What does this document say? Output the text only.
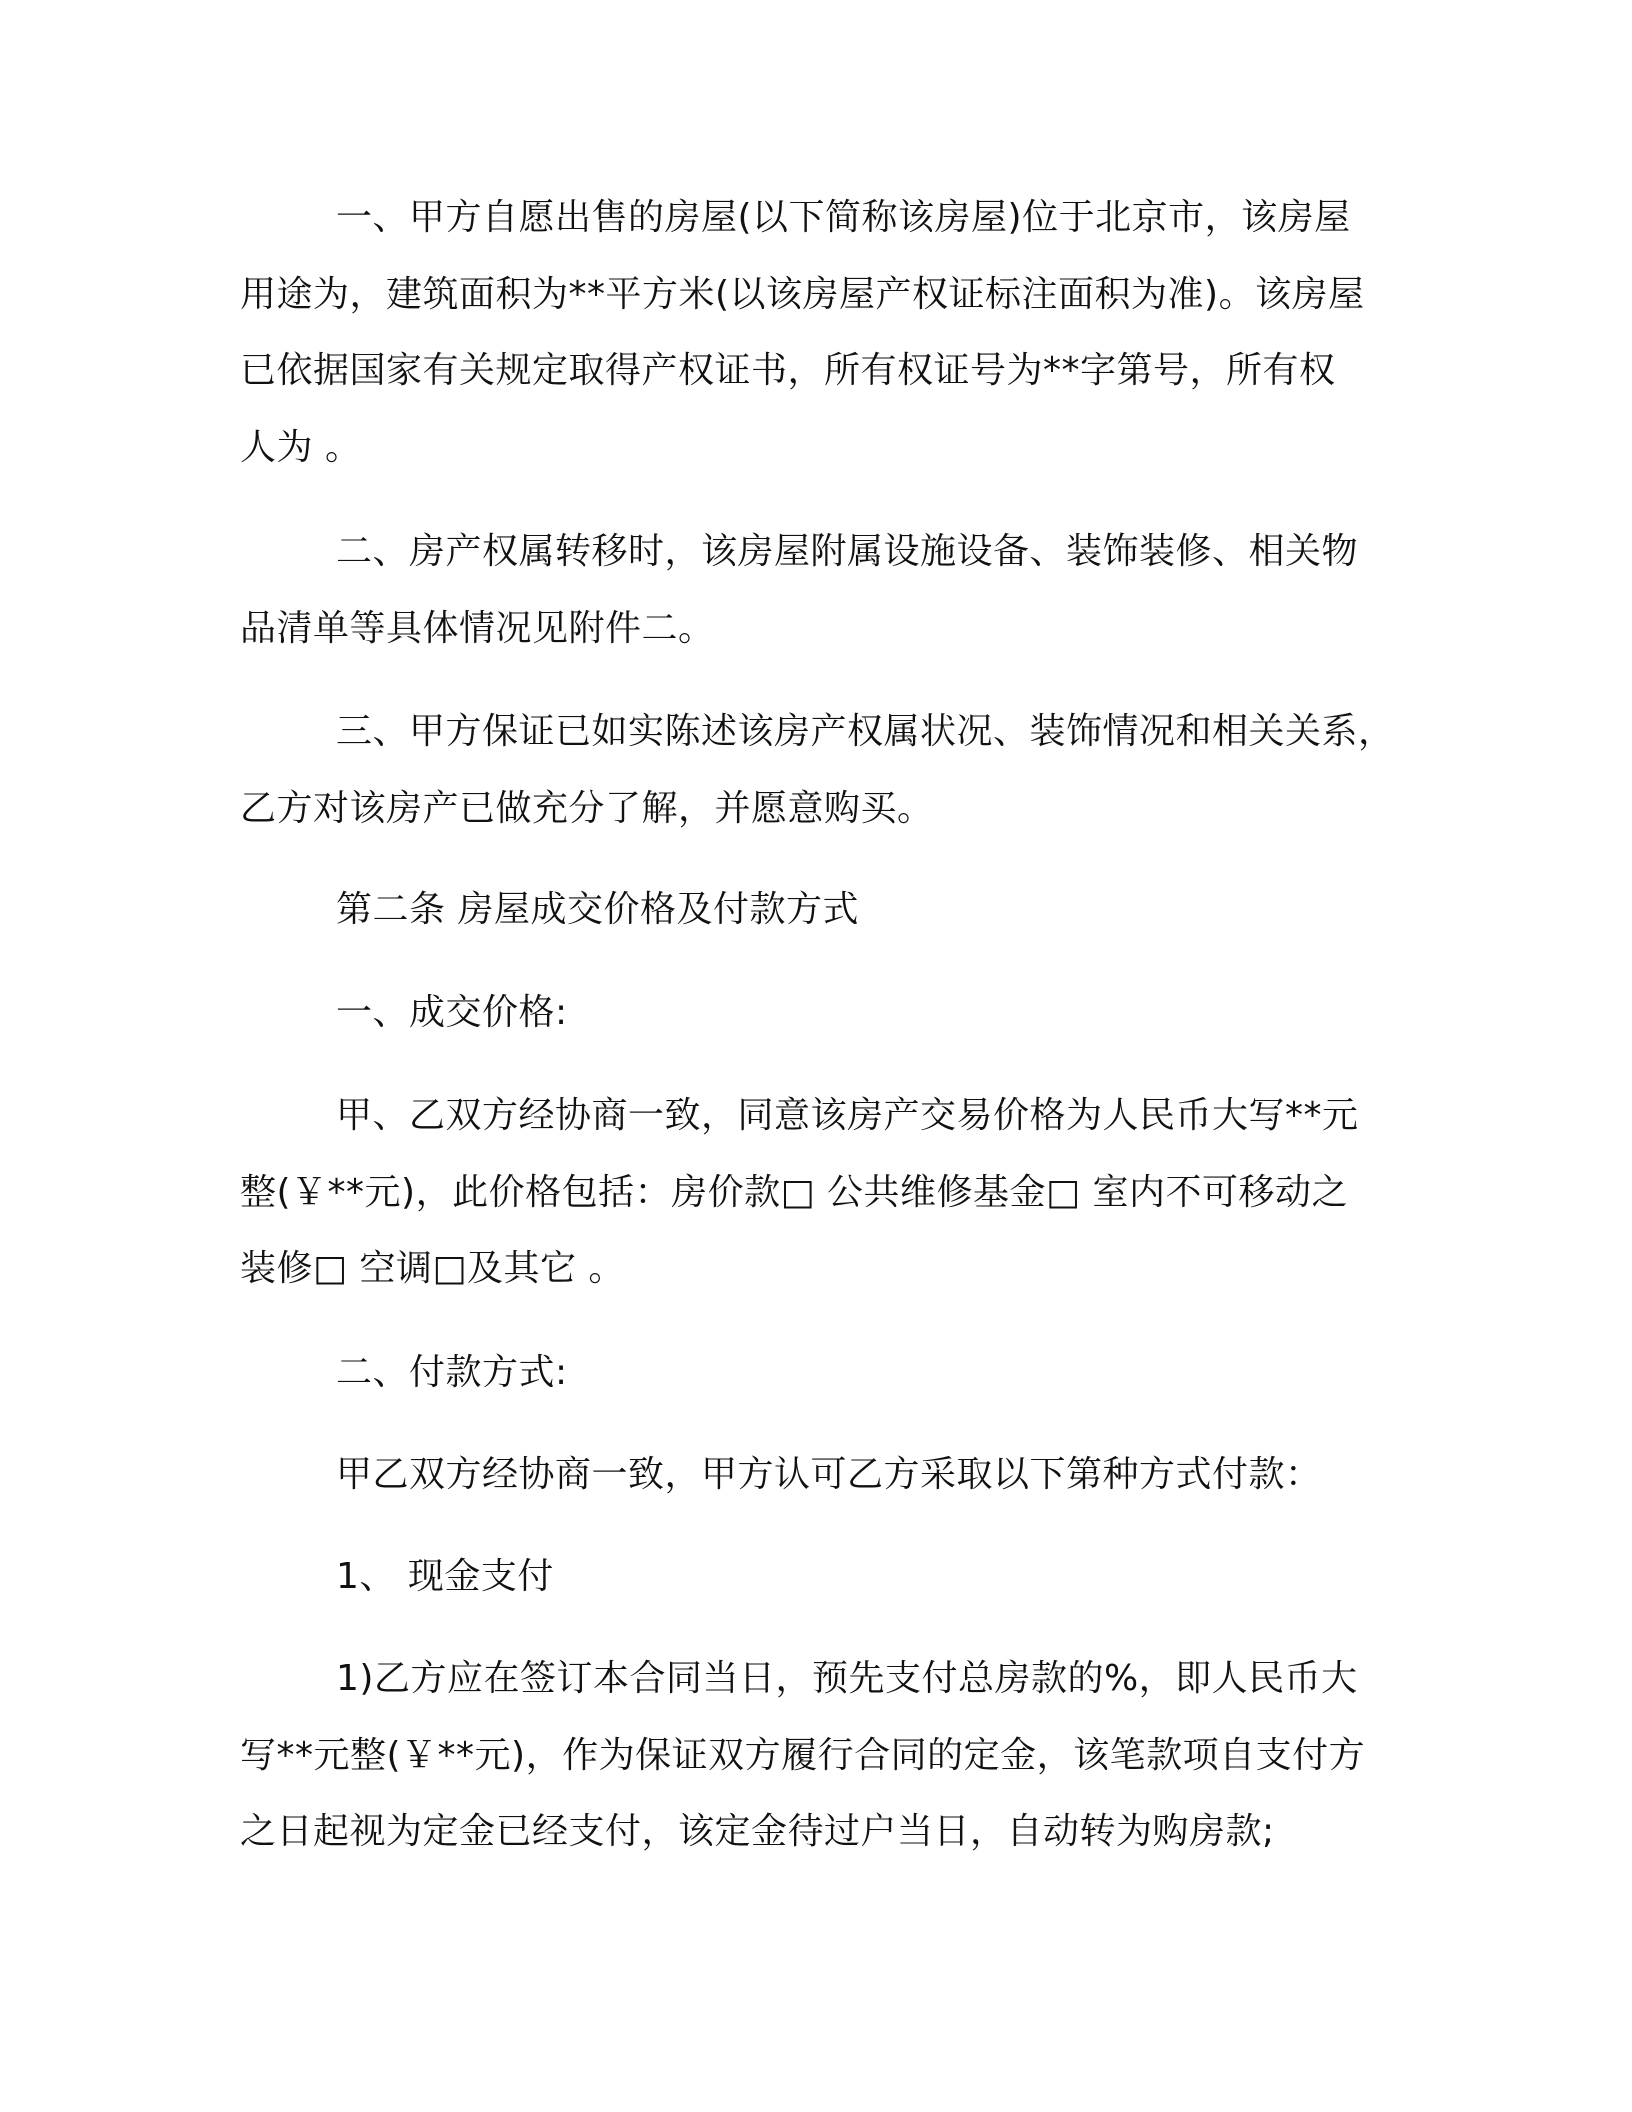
一、甲方自愿出售的房屋(以下简称该房屋)位于北京市，该房屋
用途为，建筑面积为**平方米(以该房屋产权证标注面积为准)。该房屋
已依据国家有关规定取得产权证书，所有权证号为**字第号，所有权
人为 。
二、房产权属转移时，该房屋附属设施设备、装饰装修、相关物
品清单等具体情况见附件二。
三、甲方保证已如实陈述该房产权属状况、装饰情况和相关关系，
乙方对该房产已做充分了解，并愿意购买。
第二条 房屋成交价格及付款方式
一、成交价格:
甲、乙双方经协商一致，同意该房产交易价格为人民币大写**元
整(￥**元)，此价格包括：房价款□ 公共维修基金□ 室内不可移动之
装修□ 空调□及其它 。
二、付款方式:
甲乙双方经协商一致，甲方认可乙方采取以下第种方式付款：
1、 现金支付
1)乙方应在签订本合同当日，预先支付总房款的%，即人民币大
写**元整(￥**元)，作为保证双方履行合同的定金，该笔款项自支付方
之日起视为定金已经支付，该定金待过户当日，自动转为购房款;
